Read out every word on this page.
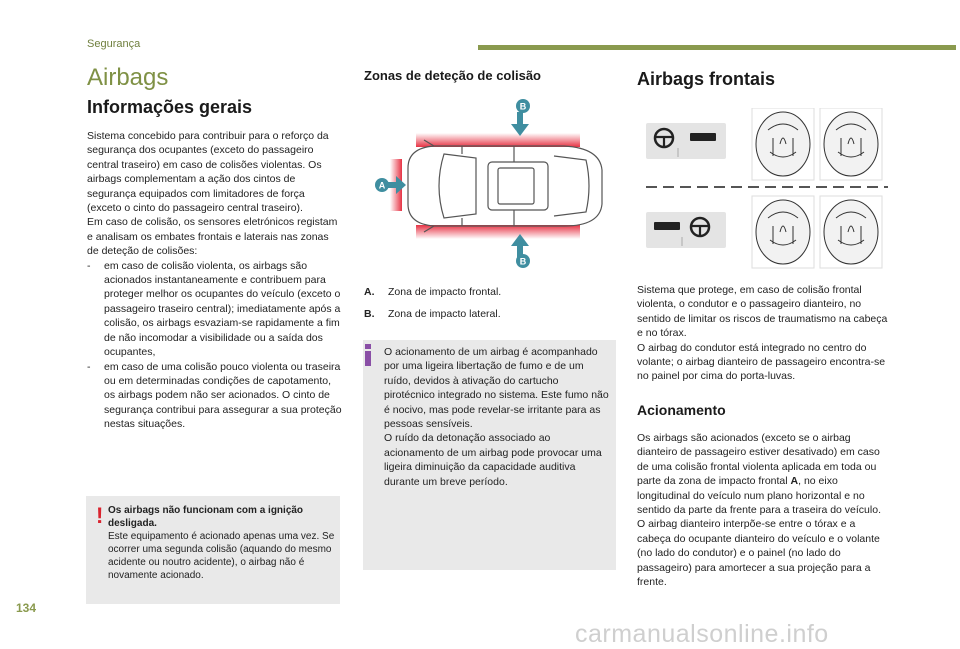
Segurança
Airbags
Informações gerais

Sistema concebido para contribuir para o reforço da segurança dos ocupantes (exceto do passageiro central traseiro) em caso de colisões violentas. Os airbags complementam a ação dos cintos de segurança equipados com limitadores de força (exceto o cinto do passageiro central traseiro).

Em caso de colisão, os sensores eletrónicos registam e analisam os embates frontais e laterais nas zonas de deteção de colisões:

-	em caso de colisão violenta, os airbags são acionados instantaneamente e contribuem para proteger melhor os ocupantes do veículo (exceto o passageiro traseiro central); imediatamente após a colisão, os airbags esvaziam-se rapidamente a fim de não incomodar a visibilidade ou a saída dos ocupantes,
-	em caso de uma colisão pouco violenta ou traseira ou em determinadas condições de capotamento, os airbags podem não ser acionados. O cinto de segurança contribui para assegurar a sua proteção nestas situações.
! Os airbags não funcionam com a ignição desligada.
Este equipamento é acionado apenas uma vez. Se ocorrer uma segunda colisão (aquando do mesmo acidente ou noutro acidente), o airbag não é novamente acionado.
Zonas de deteção de colisão
B
B
A
A.	Zona de impacto frontal.
B.	Zona de impacto lateral.
O acionamento de um airbag é acompanhado por uma ligeira libertação de fumo e de um ruído, devidos à ativação do cartucho pirotécnico integrado no sistema. Este fumo não é nocivo, mas pode revelar-se irritante para as pessoas sensíveis.
O ruído da detonação associado ao acionamento de um airbag pode provocar uma ligeira diminuição da capacidade auditiva durante um breve período.
Airbags frontais

Sistema que protege, em caso de colisão frontal violenta, o condutor e o passageiro dianteiro, no sentido de limitar os riscos de traumatismo na cabeça e no tórax.

O airbag do condutor está integrado no centro do volante; o airbag dianteiro de passageiro encontra-se no painel por cima do porta-luvas.

Acionamento

Os airbags são acionados (exceto se o airbag dianteiro de passageiro estiver desativado) em caso de uma colisão frontal violenta aplicada em toda ou parte da zona de impacto frontal A, no eixo longitudinal do veículo num plano horizontal e no sentido da parte da frente para a traseira do veículo.

O airbag dianteiro interpõe-se entre o tórax e a cabeça do ocupante dianteiro do veículo e o volante (no lado do condutor) e o painel (no lado do passageiro) para amortecer a sua projeção para a frente.

134
carmanualsonline.info
